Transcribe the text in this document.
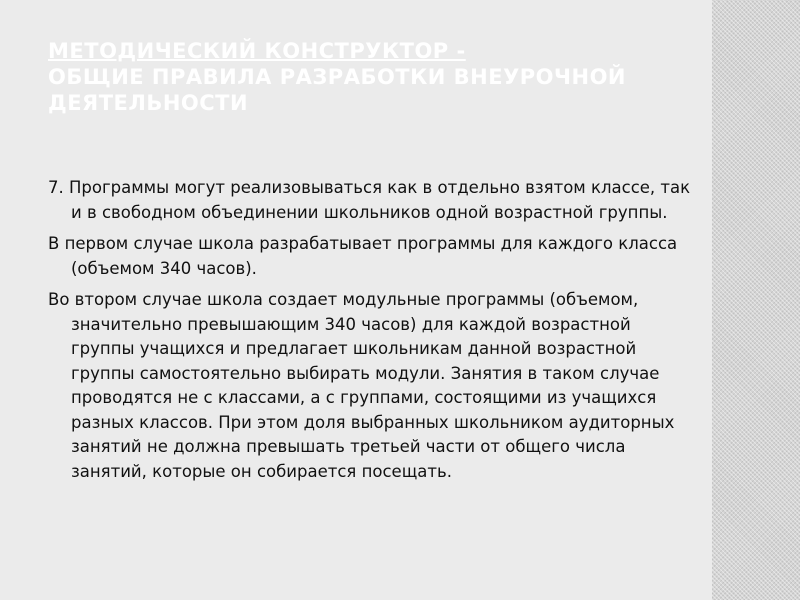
МЕТОДИЧЕСКИЙ КОНСТРУКТОР -
ОБЩИЕ ПРАВИЛА РАЗРАБОТКИ ВНЕУРОЧНОЙ
ДЕЯТЕЛЬНОСТИ

7. Программы могут реализовываться как в отдельно взятом классе, так и в свободном объединении школьников одной возрастной группы.

В первом случае школа разрабатывает программы для каждого класса (объемом 340 часов).

Во втором случае школа создает модульные программы (объемом, значительно превышающим 340 часов) для каждой возрастной группы учащихся и предлагает школьникам данной возрастной группы самостоятельно выбирать модули. Занятия в таком случае проводятся не с классами, а с группами, состоящими из учащихся разных классов. При этом доля выбранных школьником аудиторных занятий не должна превышать третьей части от общего числа занятий, которые он собирается посещать.
